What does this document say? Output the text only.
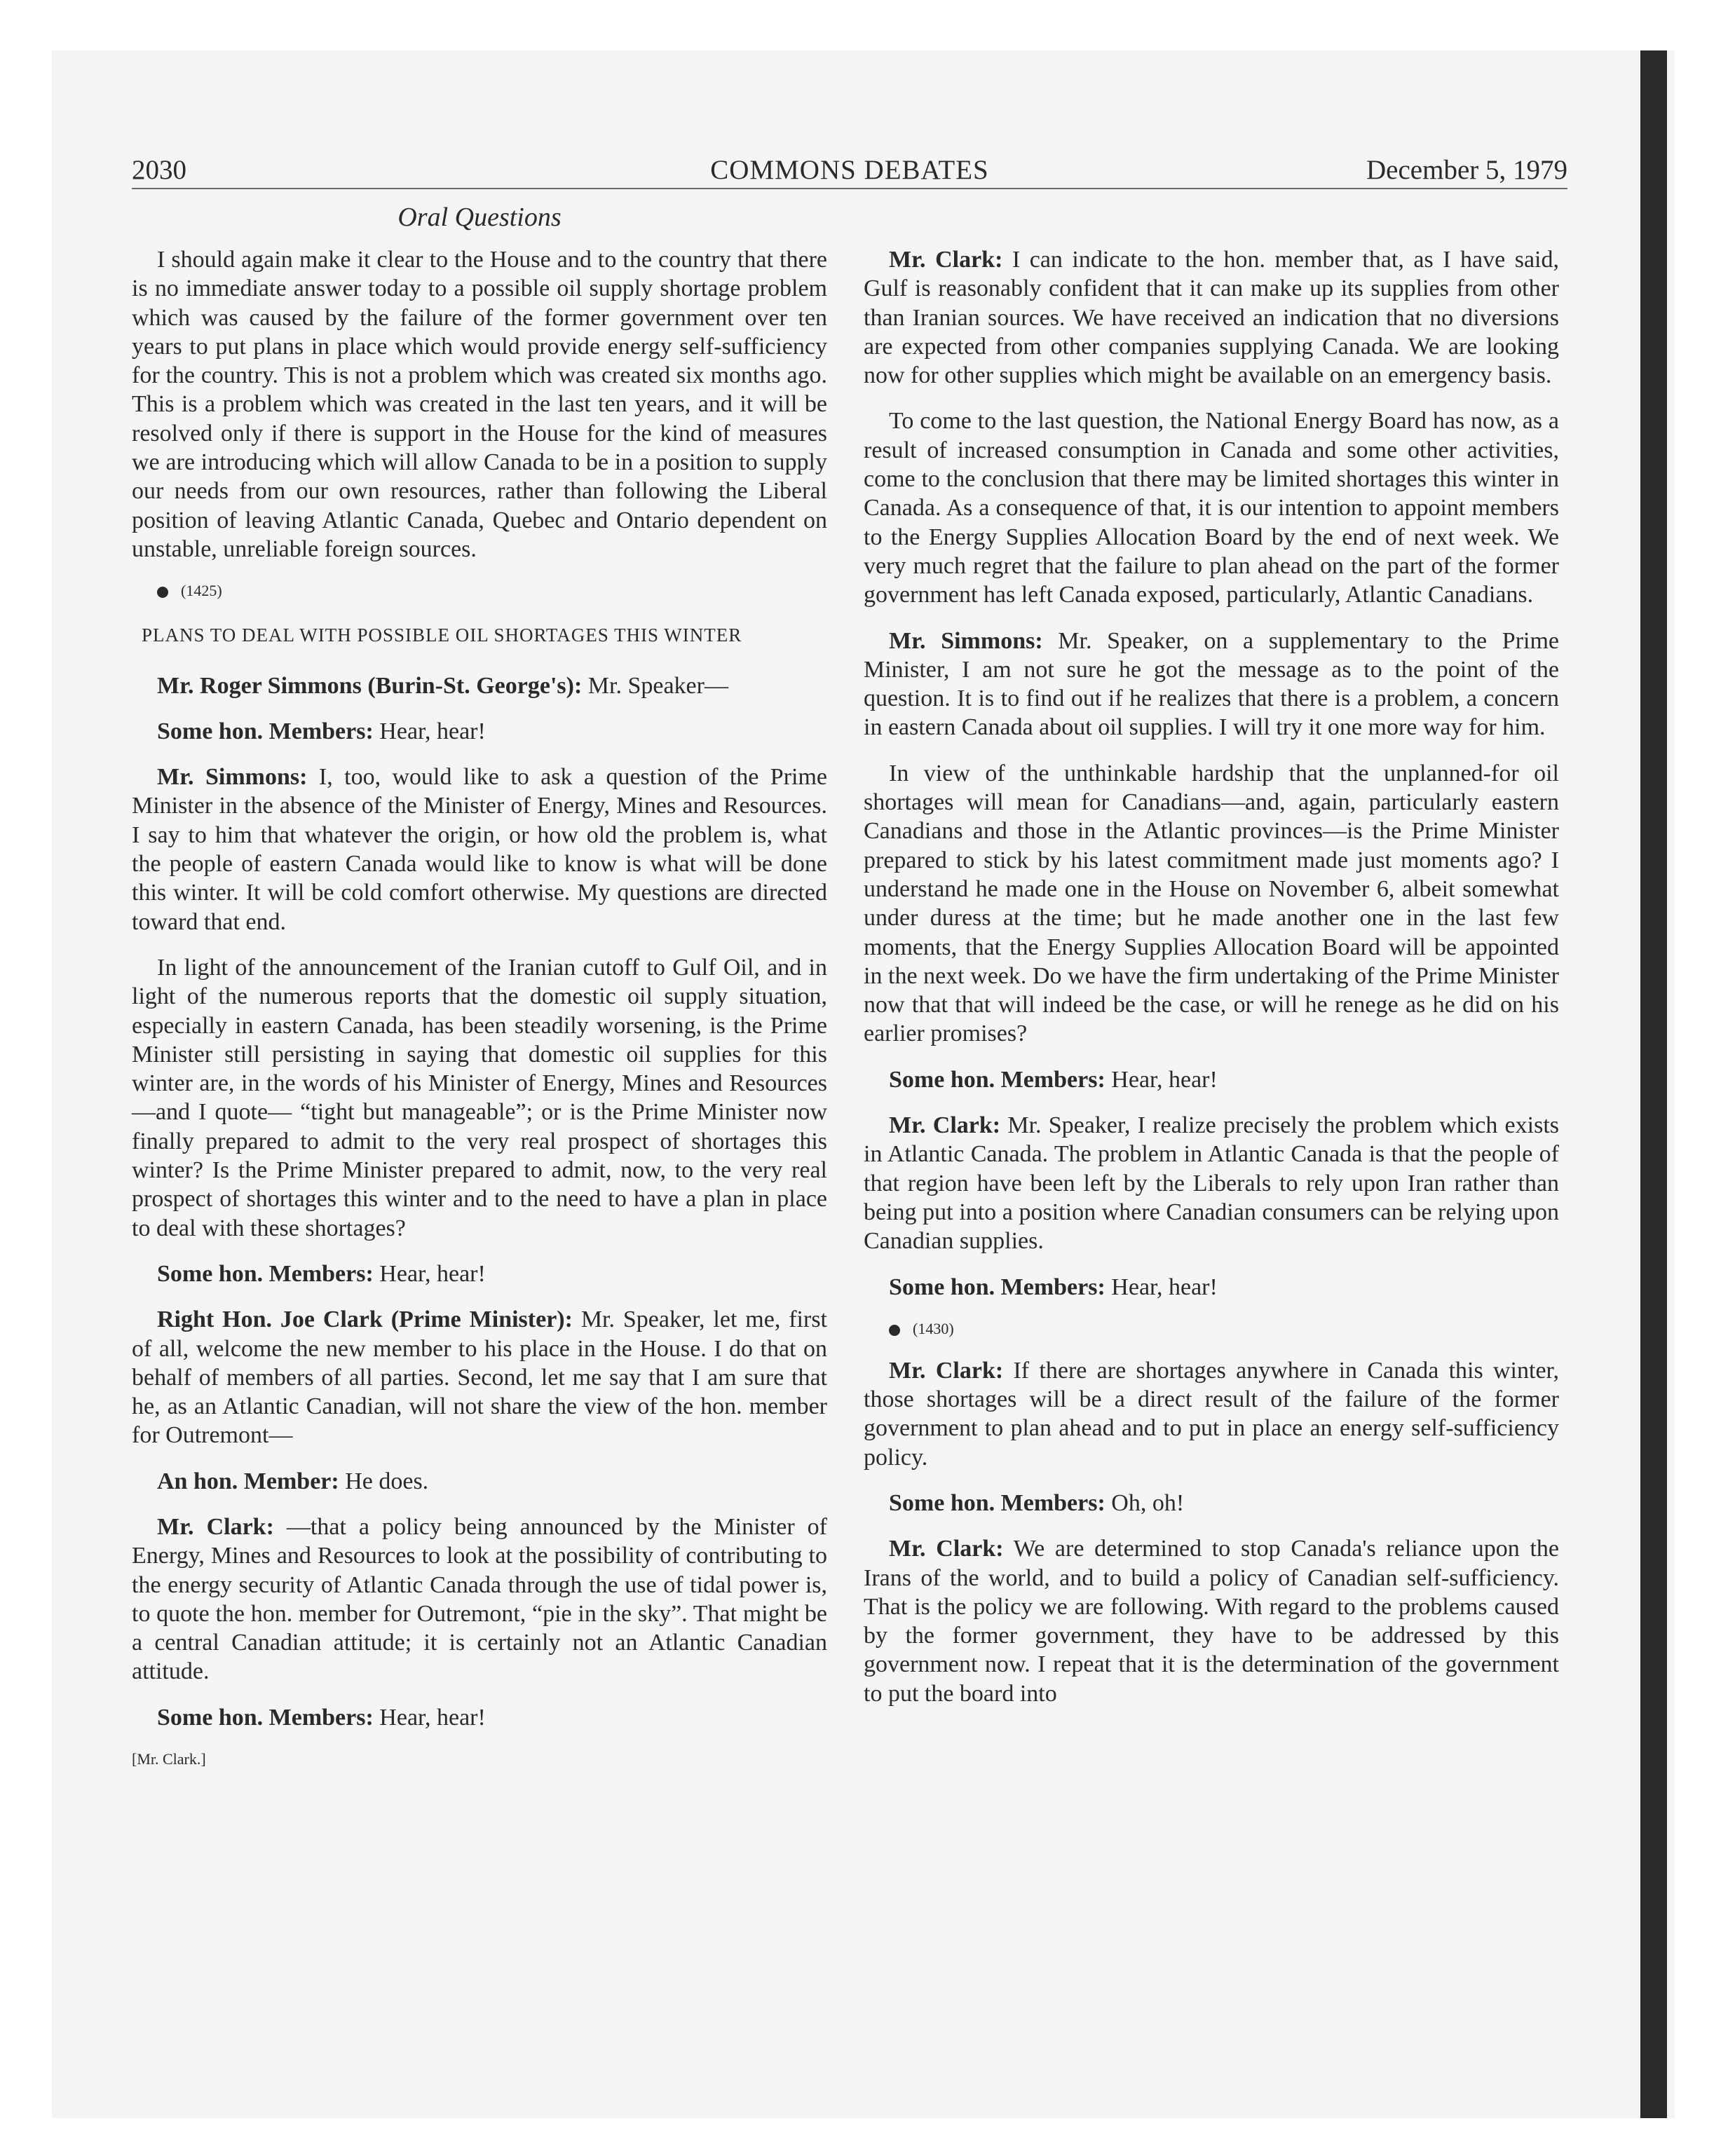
2030	COMMONS DEBATES	December 5, 1979
Oral Questions

I should again make it clear to the House and to the country that there is no immediate answer today to a possible oil supply shortage problem which was caused by the failure of the former government over ten years to put plans in place which would provide energy self-sufficiency for the country. This is not a problem which was created six months ago. This is a problem which was created in the last ten years, and it will be resolved only if there is support in the House for the kind of measures we are introducing which will allow Canada to be in a position to supply our needs from our own resources, rather than following the Liberal position of leaving Atlantic Canada, Quebec and Ontario dependent on unstable, unreliable foreign sources.

(1425)

PLANS TO DEAL WITH POSSIBLE OIL SHORTAGES THIS WINTER

Mr. Roger Simmons (Burin-St. George's): Mr. Speaker—

Some hon. Members: Hear, hear!

Mr. Simmons: I, too, would like to ask a question of the Prime Minister in the absence of the Minister of Energy, Mines and Resources. I say to him that whatever the origin, or how old the problem is, what the people of eastern Canada would like to know is what will be done this winter. It will be cold comfort otherwise. My questions are directed toward that end.

In light of the announcement of the Iranian cutoff to Gulf Oil, and in light of the numerous reports that the domestic oil supply situation, especially in eastern Canada, has been steadily worsening, is the Prime Minister still persisting in saying that domestic oil supplies for this winter are, in the words of his Minister of Energy, Mines and Resources—and I quote— “tight but manageable”; or is the Prime Minister now finally prepared to admit to the very real prospect of shortages this winter? Is the Prime Minister prepared to admit, now, to the very real prospect of shortages this winter and to the need to have a plan in place to deal with these shortages?

Some hon. Members: Hear, hear!

Right Hon. Joe Clark (Prime Minister): Mr. Speaker, let me, first of all, welcome the new member to his place in the House. I do that on behalf of members of all parties. Second, let me say that I am sure that he, as an Atlantic Canadian, will not share the view of the hon. member for Outremont—

An hon. Member: He does.

Mr. Clark: —that a policy being announced by the Minister of Energy, Mines and Resources to look at the possibility of contributing to the energy security of Atlantic Canada through the use of tidal power is, to quote the hon. member for Outremont, “pie in the sky”. That might be a central Canadian attitude; it is certainly not an Atlantic Canadian attitude.

Some hon. Members: Hear, hear!

[Mr. Clark.]

Mr. Clark: I can indicate to the hon. member that, as I have said, Gulf is reasonably confident that it can make up its supplies from other than Iranian sources. We have received an indication that no diversions are expected from other companies supplying Canada. We are looking now for other supplies which might be available on an emergency basis.

To come to the last question, the National Energy Board has now, as a result of increased consumption in Canada and some other activities, come to the conclusion that there may be limited shortages this winter in Canada. As a consequence of that, it is our intention to appoint members to the Energy Supplies Allocation Board by the end of next week. We very much regret that the failure to plan ahead on the part of the former government has left Canada exposed, particularly, Atlantic Canadians.

Mr. Simmons: Mr. Speaker, on a supplementary to the Prime Minister, I am not sure he got the message as to the point of the question. It is to find out if he realizes that there is a problem, a concern in eastern Canada about oil supplies. I will try it one more way for him.

In view of the unthinkable hardship that the unplanned-for oil shortages will mean for Canadians—and, again, particularly eastern Canadians and those in the Atlantic provinces—is the Prime Minister prepared to stick by his latest commitment made just moments ago? I understand he made one in the House on November 6, albeit somewhat under duress at the time; but he made another one in the last few moments, that the Energy Supplies Allocation Board will be appointed in the next week. Do we have the firm undertaking of the Prime Minister now that that will indeed be the case, or will he renege as he did on his earlier promises?

Some hon. Members: Hear, hear!

Mr. Clark: Mr. Speaker, I realize precisely the problem which exists in Atlantic Canada. The problem in Atlantic Canada is that the people of that region have been left by the Liberals to rely upon Iran rather than being put into a position where Canadian consumers can be relying upon Canadian supplies.

Some hon. Members: Hear, hear!

(1430)

Mr. Clark: If there are shortages anywhere in Canada this winter, those shortages will be a direct result of the failure of the former government to plan ahead and to put in place an energy self-sufficiency policy.

Some hon. Members: Oh, oh!

Mr. Clark: We are determined to stop Canada's reliance upon the Irans of the world, and to build a policy of Canadian self-sufficiency. That is the policy we are following. With regard to the problems caused by the former government, they have to be addressed by this government now. I repeat that it is the determination of the government to put the board into
